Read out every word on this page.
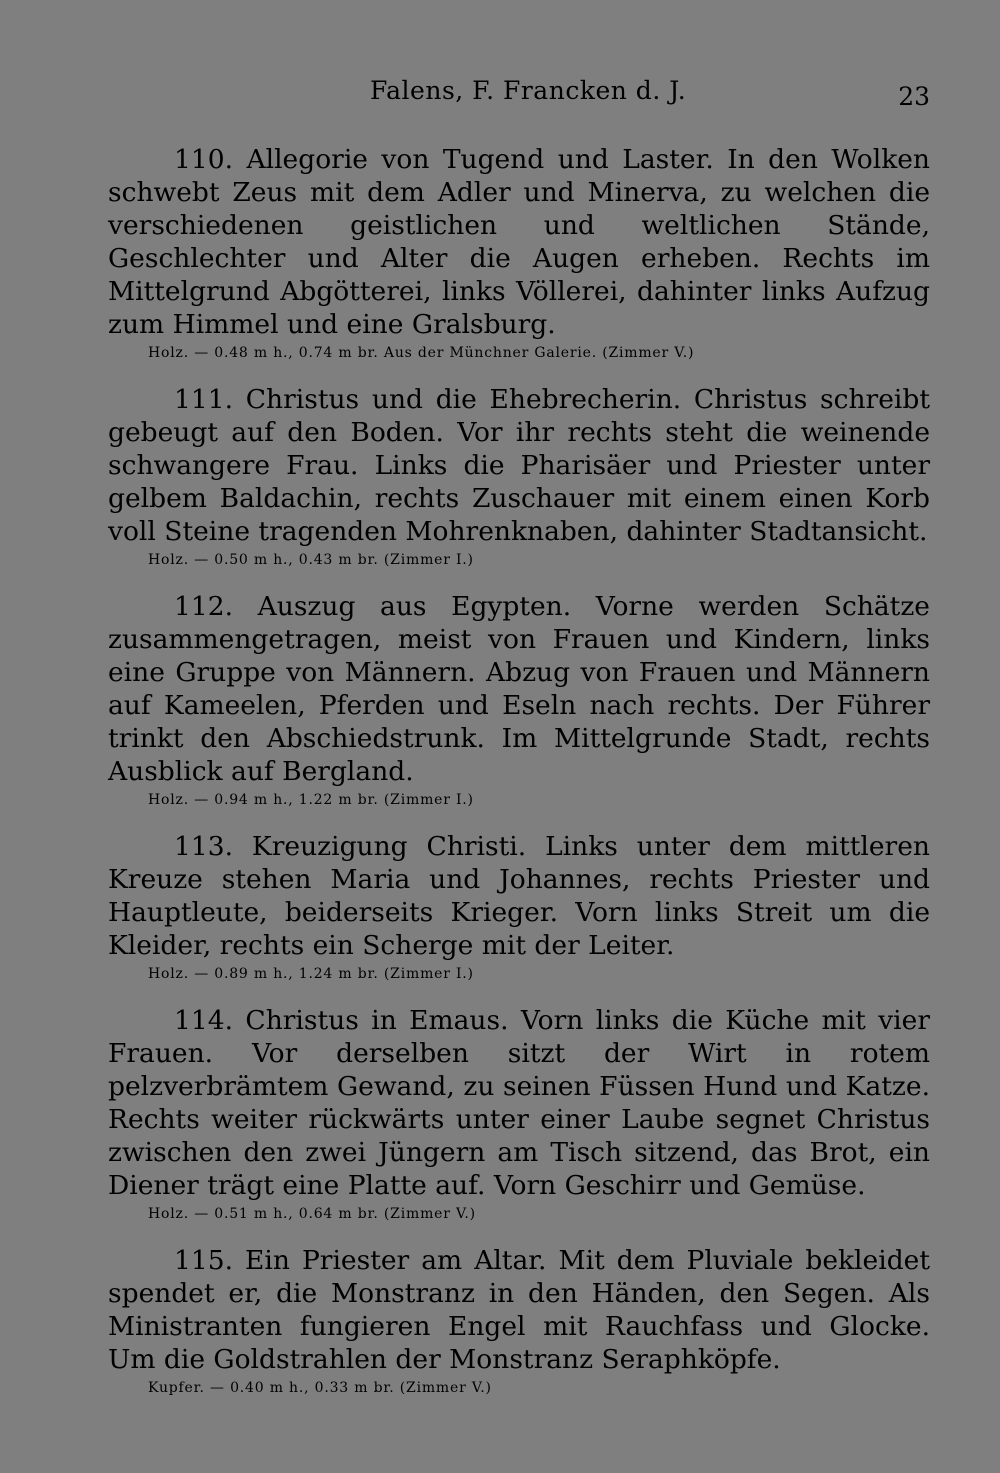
Falens, F. Francken d. J.	23

110. Allegorie von Tugend und Laster. In den Wolken schwebt Zeus mit dem Adler und Minerva, zu welchen die verschiedenen geistlichen und weltlichen Stände, Geschlechter und Alter die Augen erheben. Rechts im Mittelgrund Abgötterei, links Völlerei, dahinter links Aufzug zum Himmel und eine Gralsburg.

Holz. — 0.48 m h., 0.74 m br. Aus der Münchner Galerie. (Zimmer V.)

111. Christus und die Ehebrecherin. Christus schreibt gebeugt auf den Boden. Vor ihr rechts steht die weinende schwangere Frau. Links die Pharisäer und Priester unter gelbem Baldachin, rechts Zuschauer mit einem einen Korb voll Steine tragenden Mohrenknaben, dahinter Stadtansicht.

Holz. — 0.50 m h., 0.43 m br. (Zimmer I.)

112. Auszug aus Egypten. Vorne werden Schätze zusammengetragen, meist von Frauen und Kindern, links eine Gruppe von Männern. Abzug von Frauen und Männern auf Kameelen, Pferden und Eseln nach rechts. Der Führer trinkt den Abschiedstrunk. Im Mittelgrunde Stadt, rechts Ausblick auf Bergland.

Holz. — 0.94 m h., 1.22 m br. (Zimmer I.)

113. Kreuzigung Christi. Links unter dem mittleren Kreuze stehen Maria und Johannes, rechts Priester und Hauptleute, beiderseits Krieger. Vorn links Streit um die Kleider, rechts ein Scherge mit der Leiter.

Holz. — 0.89 m h., 1.24 m br. (Zimmer I.)

114. Christus in Emaus. Vorn links die Küche mit vier Frauen. Vor derselben sitzt der Wirt in rotem pelzverbrämtem Gewand, zu seinen Füssen Hund und Katze. Rechts weiter rückwärts unter einer Laube segnet Christus zwischen den zwei Jüngern am Tisch sitzend, das Brot, ein Diener trägt eine Platte auf. Vorn Geschirr und Gemüse.

Holz. — 0.51 m h., 0.64 m br. (Zimmer V.)

115. Ein Priester am Altar. Mit dem Pluviale bekleidet spendet er, die Monstranz in den Händen, den Segen. Als Ministranten fungieren Engel mit Rauchfass und Glocke. Um die Goldstrahlen der Monstranz Seraphköpfe.

Kupfer. — 0.40 m h., 0.33 m br. (Zimmer V.)
